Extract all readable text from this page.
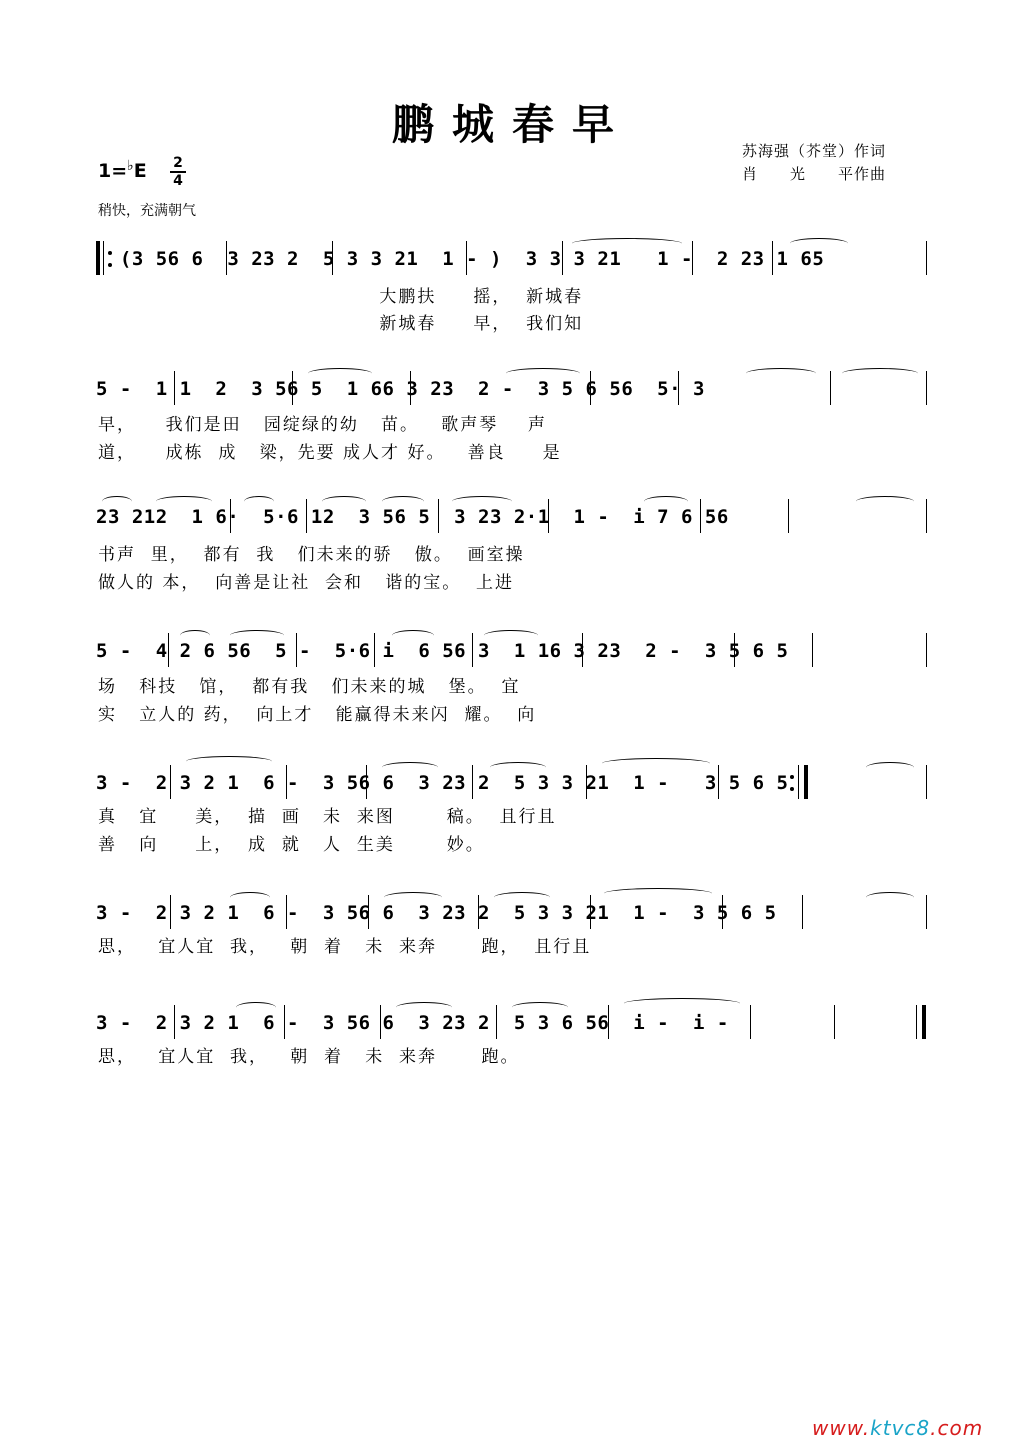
鹏城春早
苏海强（芥堂）作词
肖　　光　　平作曲
1=♭E 2
4
稍快，充满朝气
(3 56 6  3 23 2  5 3 3 21  1 - )  3 3 3 21   1 -  2 23 1 65
大鹏扶     摇，  新城春
新城春     早，  我们知
5 -  1 1  2  3 56 5  1 66 3 23  2 -  3 5 6 56  5· 3
早，    我们是田   园绽绿的幼   苗。   歌声琴    声
道，    成栋  成   梁，先要 成人才 好。   善良     是
23 212  1 6·  5·6 12  3 56 5  3 23 2·1  1 -  i 7 6 56
书声  里，  都有  我   们未来的骄   傲。  画室操
做人的 本，  向善是让社  会和   谐的宝。  上进
5 -  4 2 6 56  5 -  5·6 i  6 56 3  1 16 3 23  2 -  3 5 6 5
场   科技   馆，  都有我   们未来的城   堡。  宜
实   立人的 药，  向上才   能赢得未来闪  耀。  向
3 -  2 3 2 1  6 -  3 56 6  3 23 2  5 3 3 21  1 -   3 5 6 5
真   宜     美，  描  画   未  来图       稿。  且行且
善   向     上，  成  就   人  生美       妙。
3 -  2 3 2 1  6 -  3 56 6  3 23 2  5 3 3 21  1 -  3 5 6 5
思，   宜人宜  我，   朝  着   未  来奔      跑，  且行且
3 -  2 3 2 1  6 -  3 56 6  3 23 2  5 3 6 56  i -  i -
思，   宜人宜  我，   朝  着   未  来奔      跑。
www.ktvc8.com
